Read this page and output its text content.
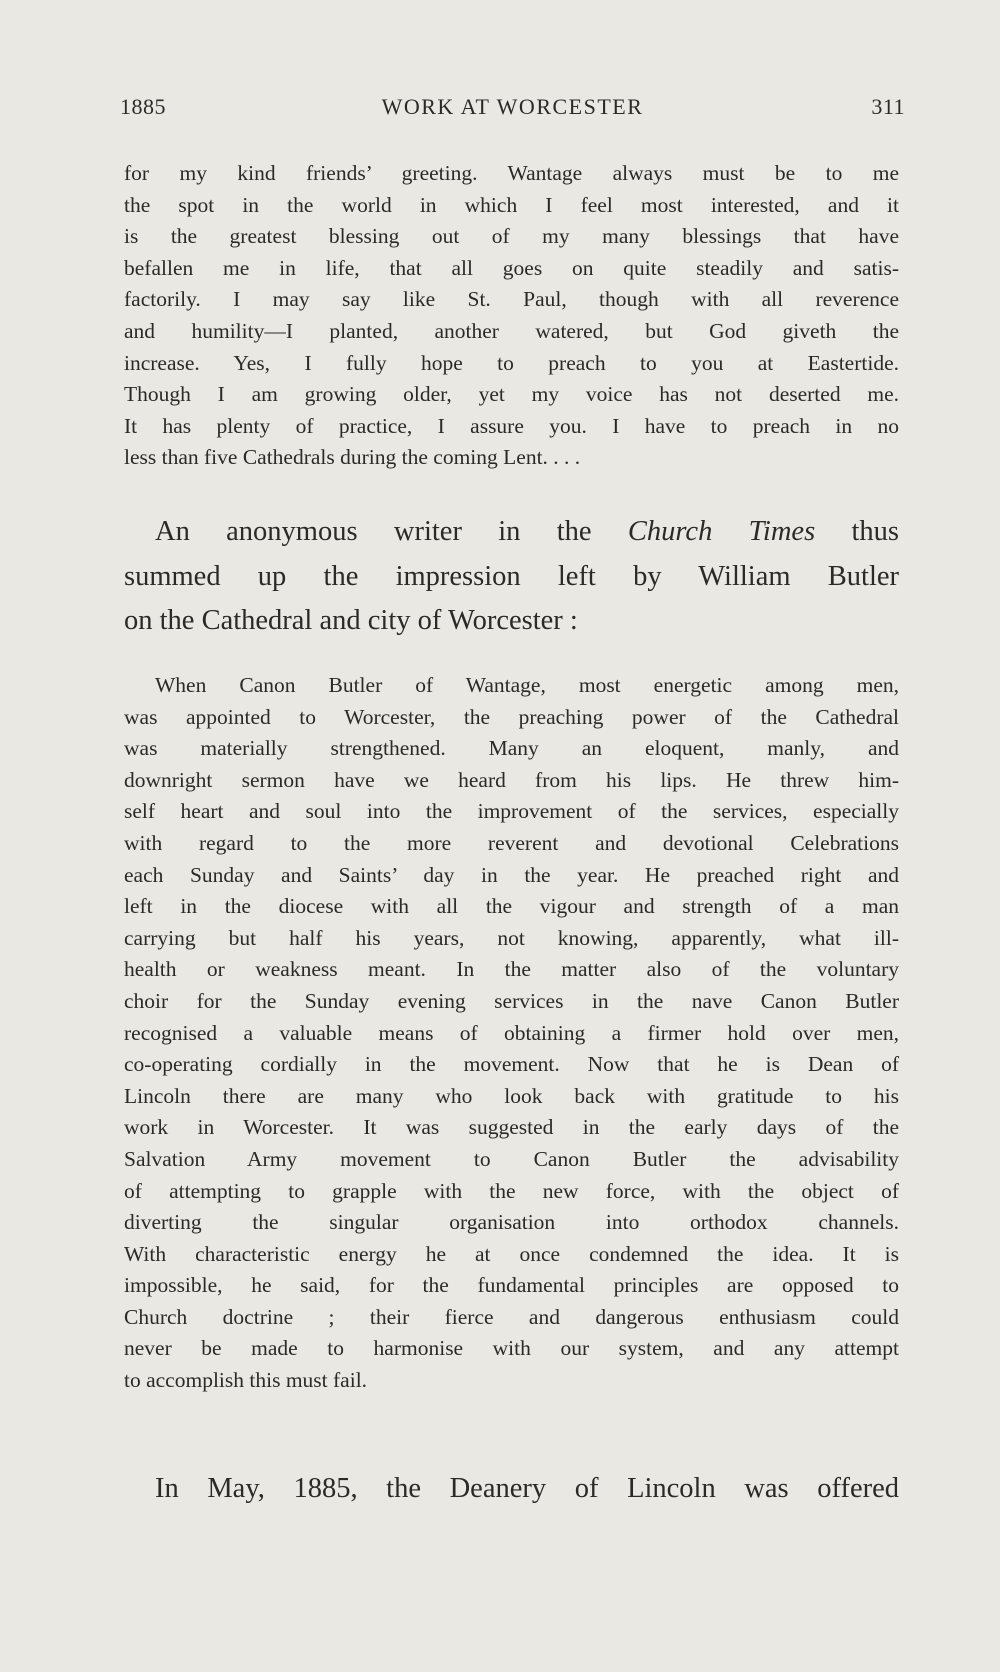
1885	WORK AT WORCESTER	311
for my kind friends’ greeting. Wantage always must be to me
the spot in the world in which I feel most interested, and it
is the greatest blessing out of my many blessings that have
befallen me in life, that all goes on quite steadily and satis-
factorily. I may say like St. Paul, though with all reverence
and humility—I planted, another watered, but God giveth the
increase. Yes, I fully hope to preach to you at Eastertide.
Though I am growing older, yet my voice has not deserted me.
It has plenty of practice, I assure you. I have to preach in no
less than five Cathedrals during the coming Lent. . . .
An anonymous writer in the Church Times thus
summed up the impression left by William Butler
on the Cathedral and city of Worcester :
When Canon Butler of Wantage, most energetic among men,
was appointed to Worcester, the preaching power of the Cathedral
was materially strengthened. Many an eloquent, manly, and
downright sermon have we heard from his lips. He threw him-
self heart and soul into the improvement of the services, especially
with regard to the more reverent and devotional Celebrations
each Sunday and Saints’ day in the year. He preached right and
left in the diocese with all the vigour and strength of a man
carrying but half his years, not knowing, apparently, what ill-
health or weakness meant. In the matter also of the voluntary
choir for the Sunday evening services in the nave Canon Butler
recognised a valuable means of obtaining a firmer hold over men,
co-operating cordially in the movement. Now that he is Dean of
Lincoln there are many who look back with gratitude to his
work in Worcester. It was suggested in the early days of the
Salvation Army movement to Canon Butler the advisability
of attempting to grapple with the new force, with the object of
diverting the singular organisation into orthodox channels.
With characteristic energy he at once condemned the idea. It is
impossible, he said, for the fundamental principles are opposed to
Church doctrine ; their fierce and dangerous enthusiasm could
never be made to harmonise with our system, and any attempt
to accomplish this must fail.
In May, 1885, the Deanery of Lincoln was offered
